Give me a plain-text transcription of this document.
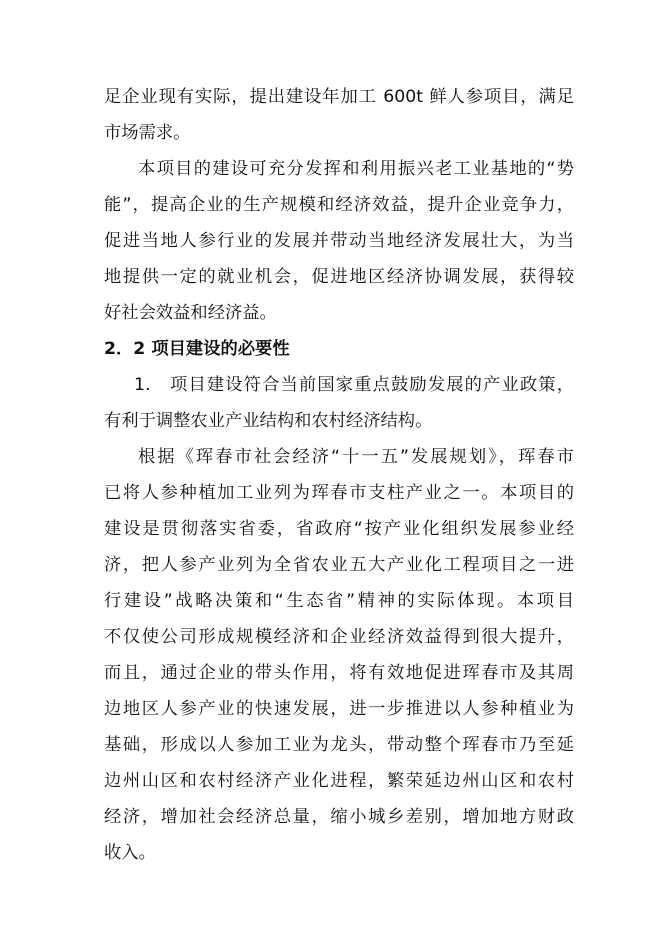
足企业现有实际，提出建设年加工 600t 鲜人参项目，满足
市场需求。
本项目的建设可充分发挥和利用振兴老工业基地的“势
能”，提高企业的生产规模和经济效益，提升企业竞争力，
促进当地人参行业的发展并带动当地经济发展壮大，为当
地提供一定的就业机会，促进地区经济协调发展，获得较
好社会效益和经济益。
2．2 项目建设的必要性
1.　项目建设符合当前国家重点鼓励发展的产业政策，
有利于调整农业产业结构和农村经济结构。
根据《珲春市社会经济“十一五”发展规划》，珲春市
已将人参种植加工业列为珲春市支柱产业之一。本项目的
建设是贯彻落实省委，省政府“按产业化组织发展参业经
济，把人参产业列为全省农业五大产业化工程项目之一进
行建设”战略决策和“生态省”精神的实际体现。本项目
不仅使公司形成规模经济和企业经济效益得到很大提升，
而且，通过企业的带头作用，将有效地促进珲春市及其周
边地区人参产业的快速发展，进一步推进以人参种植业为
基础，形成以人参加工业为龙头，带动整个珲春市乃至延
边州山区和农村经济产业化进程，繁荣延边州山区和农村
经济，增加社会经济总量，缩小城乡差别，增加地方财政
收入。
